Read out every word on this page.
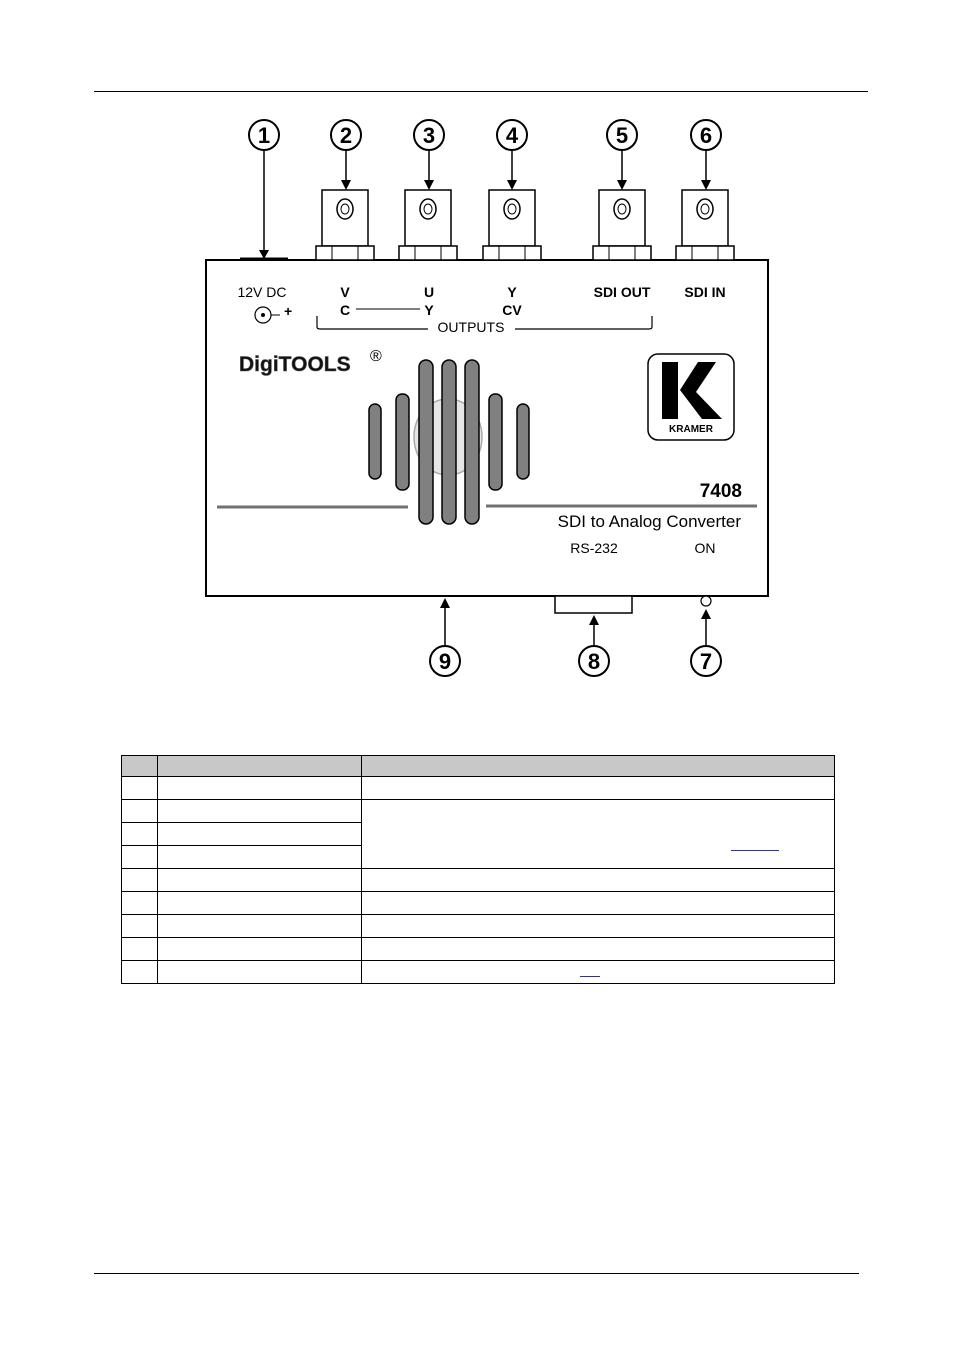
1	2	3	4	5	6
12V DC
+
V	U	Y
C	Y	CV
OUTPUTS
SDI OUT SDI IN
DigiTOOLS ®
KRAMER
7408
SDI to Analog Converter
RS-232	ON
9	8	7
